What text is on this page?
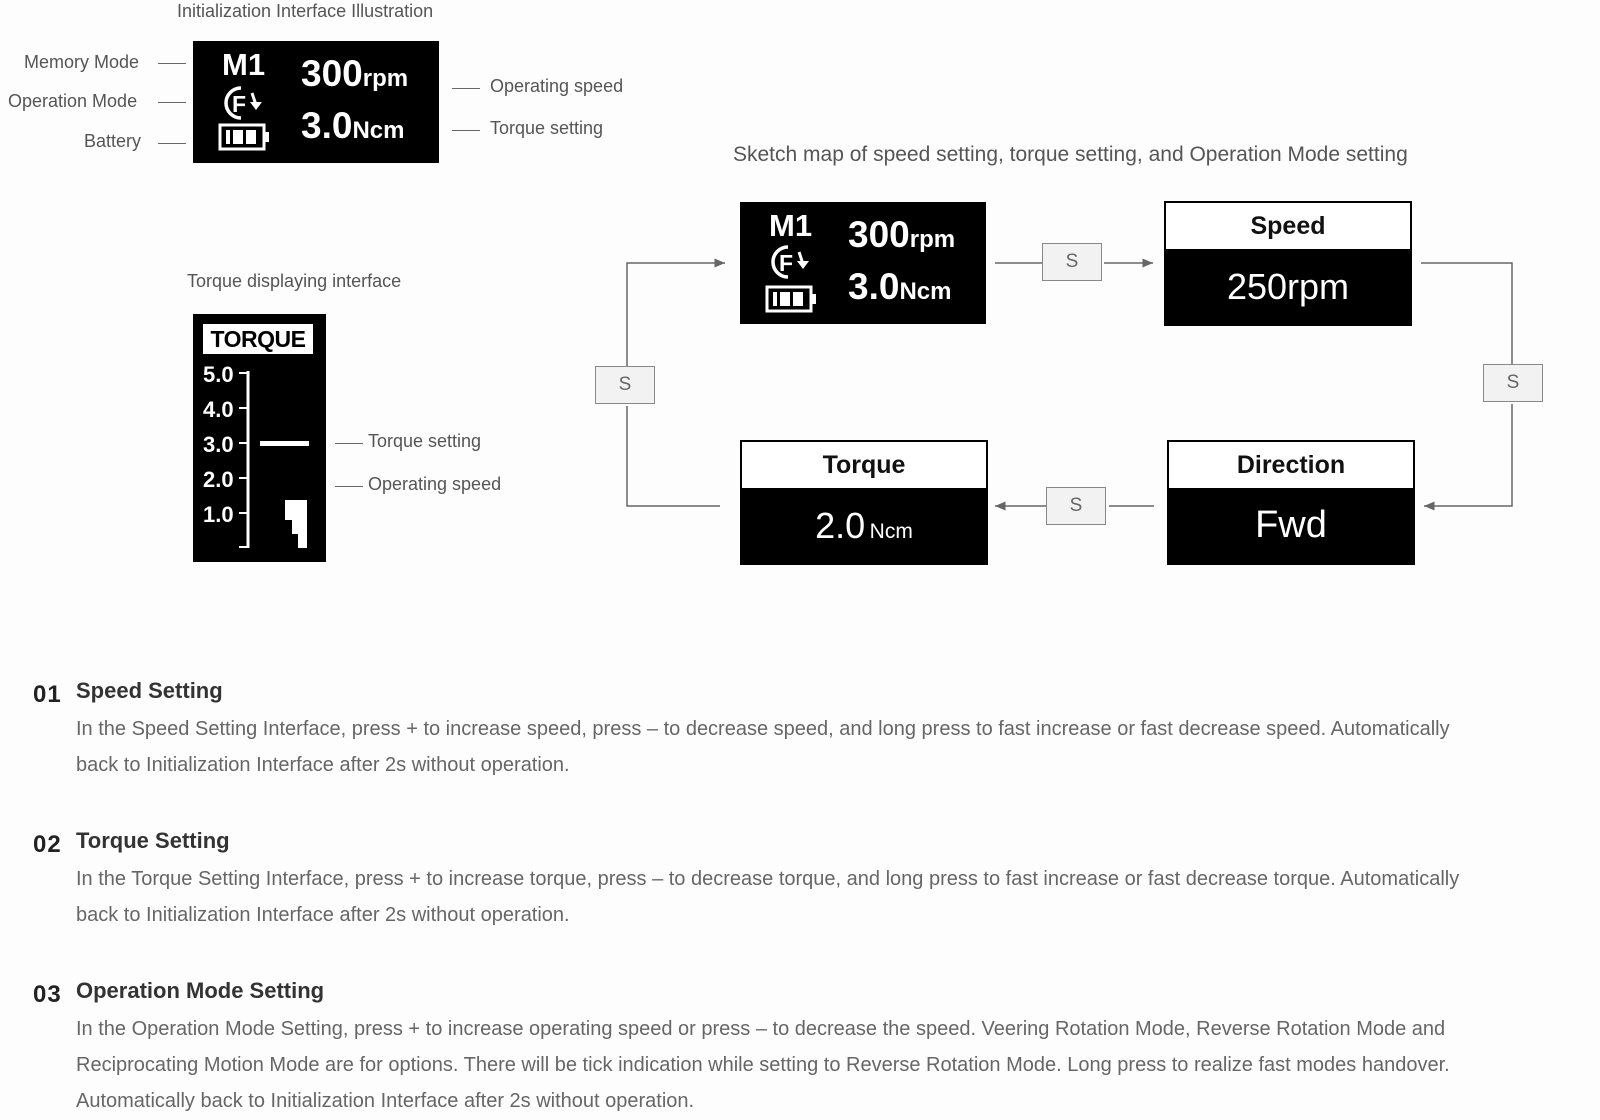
Initialization Interface Illustration
Memory Mode
Operation Mode
Battery
M1
F
300rpm
3.0Ncm
Operating speed
Torque setting
Torque displaying interface
TORQUE
5.0
4.0
3.0
2.0
1.0
Torque setting
Operating speed
Sketch map of speed setting, torque setting, and Operation Mode setting
M1
F
300rpm
3.0Ncm
S
S
S
S
Speed
250rpm
Direction
Fwd
Torque
2.0 Ncm
01 Speed Setting
In the Speed Setting Interface, press + to increase speed, press – to decrease speed, and long press to fast increase or fast decrease speed. Automatically back to Initialization Interface after 2s without operation.
02 Torque Setting
In the Torque Setting Interface, press + to increase torque, press – to decrease torque, and long press to fast increase or fast decrease torque. Automatically back to Initialization Interface after 2s without operation.
03 Operation Mode Setting
In the Operation Mode Setting, press + to increase operating speed or press – to decrease the speed. Veering Rotation Mode, Reverse Rotation Mode and Reciprocating Motion Mode are for options. There will be tick indication while setting to Reverse Rotation Mode. Long press to realize fast modes handover. Automatically back to Initialization Interface after 2s without operation.
